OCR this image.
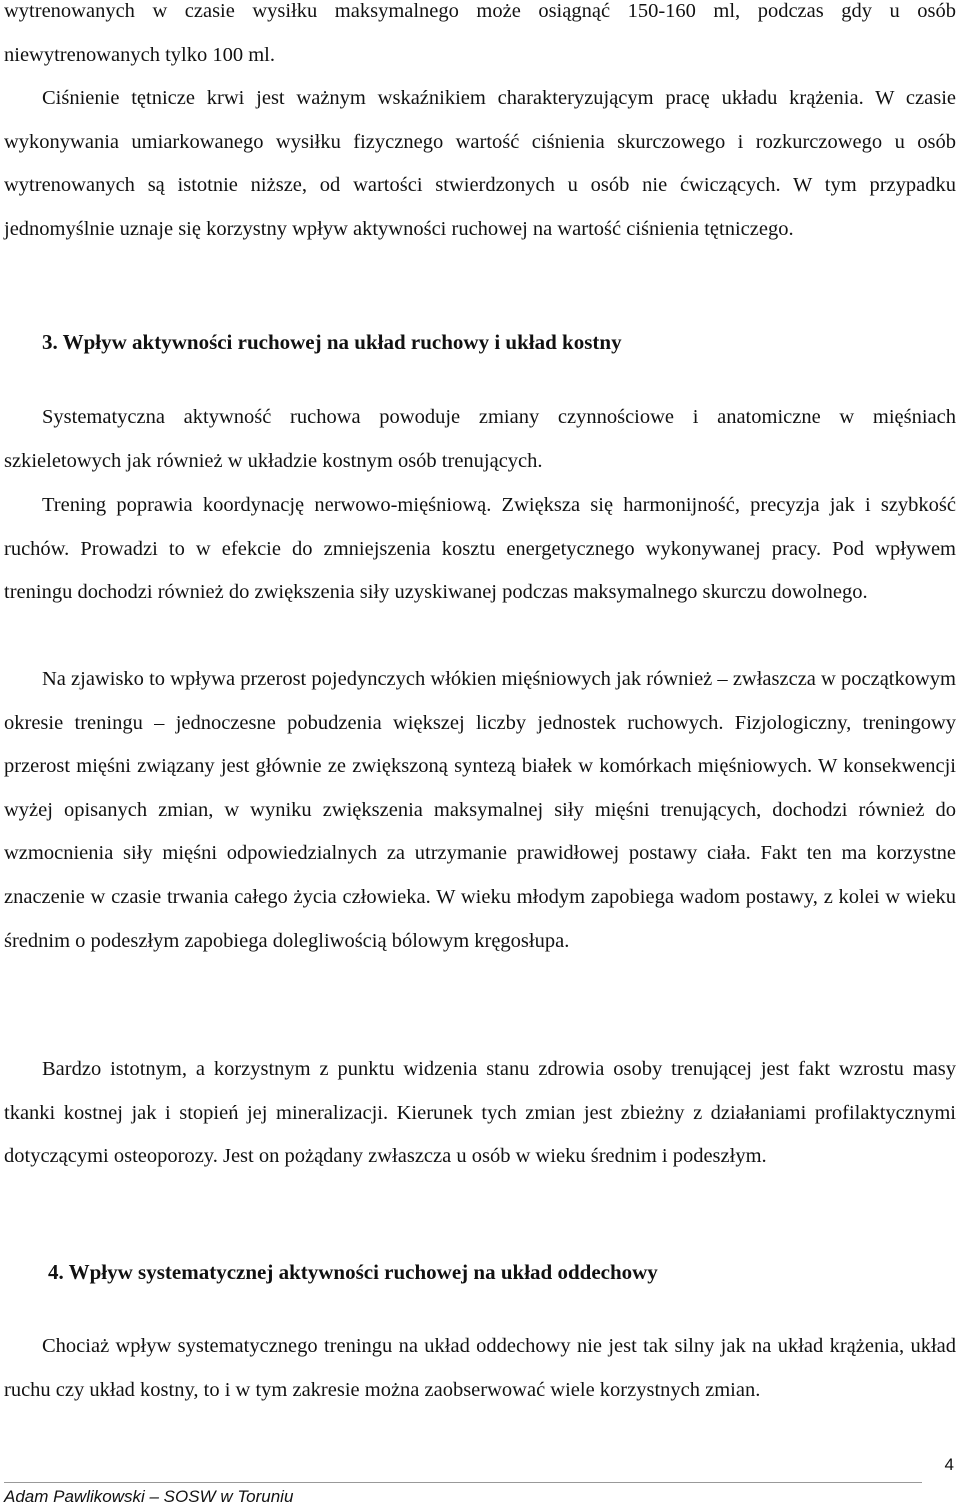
wytrenowanych w czasie wysiłku maksymalnego może osiągnąć 150-160 ml, podczas gdy u osób niewytrenowanych tylko 100 ml.

Ciśnienie tętnicze krwi jest ważnym wskaźnikiem charakteryzującym pracę układu krążenia. W czasie wykonywania umiarkowanego wysiłku fizycznego wartość ciśnienia skurczowego i rozkurczowego u osób wytrenowanych są istotnie niższe, od wartości stwierdzonych u osób nie ćwiczących. W tym przypadku jednomyślnie uznaje się korzystny wpływ aktywności ruchowej na wartość ciśnienia tętniczego.

3. Wpływ aktywności ruchowej na układ ruchowy i układ kostny

Systematyczna aktywność ruchowa powoduje zmiany czynnościowe i anatomiczne w mięśniach szkieletowych jak również w układzie kostnym osób trenujących.

Trening poprawia koordynację nerwowo-mięśniową. Zwiększa się harmonijność, precyzja jak i szybkość ruchów. Prowadzi to w efekcie do zmniejszenia kosztu energetycznego wykonywanej pracy. Pod wpływem treningu dochodzi również do zwiększenia siły uzyskiwanej podczas maksymalnego skurczu dowolnego.

Na zjawisko to wpływa przerost pojedynczych włókien mięśniowych jak również – zwłaszcza w początkowym okresie treningu – jednoczesne pobudzenia większej liczby jednostek ruchowych. Fizjologiczny, treningowy przerost mięśni związany jest głównie ze zwiększoną syntezą białek w komórkach mięśniowych. W konsekwencji wyżej opisanych zmian, w wyniku zwiększenia maksymalnej siły mięśni trenujących, dochodzi również do wzmocnienia siły mięśni odpowiedzialnych za utrzymanie prawidłowej postawy ciała. Fakt ten ma korzystne znaczenie w czasie trwania całego życia człowieka. W wieku młodym zapobiega wadom postawy, z kolei w wieku średnim o podeszłym zapobiega dolegliwością bólowym kręgosłupa.

Bardzo istotnym, a korzystnym z punktu widzenia stanu zdrowia osoby trenującej jest fakt wzrostu masy tkanki kostnej jak i stopień jej mineralizacji. Kierunek tych zmian jest zbieżny z działaniami profilaktycznymi dotyczącymi osteoporozy. Jest on pożądany zwłaszcza u osób w wieku średnim i podeszłym.

4. Wpływ systematycznej aktywności ruchowej na układ oddechowy

Chociaż wpływ systematycznego treningu na układ oddechowy nie jest tak silny jak na układ krążenia, układ ruchu czy układ kostny, to i w tym zakresie można zaobserwować wiele korzystnych zmian.

4
Adam Pawlikowski – SOSW w Toruniu
